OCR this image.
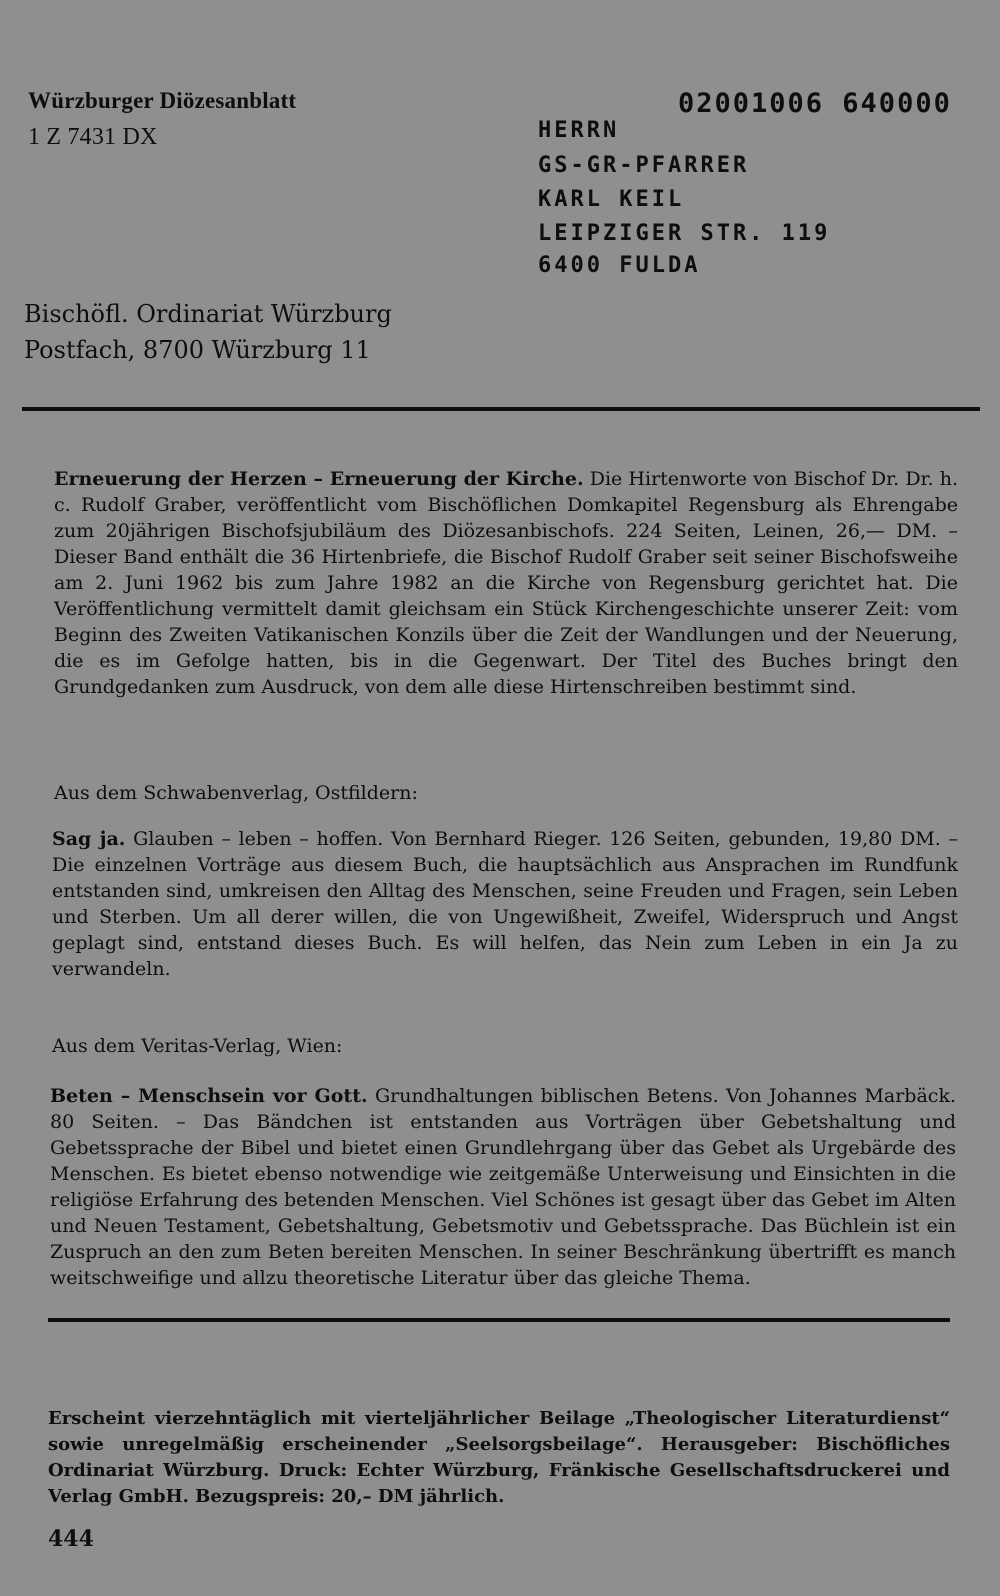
Würzburger Diözesanblatt

1 Z 7431 DX

02001006 640000

HERRN

GS-GR-PFARRER

KARL KEIL

LEIPZIGER STR. 119

6400 FULDA

Bischöfl. Ordinariat Würzburg

Postfach, 8700 Würzburg 11

Erneuerung der Herzen – Erneuerung der Kirche. Die Hirtenworte von Bischof Dr. Dr. h. c. Rudolf Graber, veröffentlicht vom Bischöflichen Domkapitel Regensburg als Ehrengabe zum 20jährigen Bischofsjubiläum des Diözesanbischofs. 224 Seiten, Leinen, 26,— DM. – Dieser Band enthält die 36 Hirtenbriefe, die Bischof Rudolf Graber seit seiner Bischofsweihe am 2. Juni 1962 bis zum Jahre 1982 an die Kirche von Regensburg gerichtet hat. Die Veröffentlichung vermittelt damit gleichsam ein Stück Kirchengeschichte unserer Zeit: vom Beginn des Zweiten Vatikanischen Konzils über die Zeit der Wandlungen und der Neuerung, die es im Gefolge hatten, bis in die Gegenwart. Der Titel des Buches bringt den Grundgedanken zum Ausdruck, von dem alle diese Hirtenschreiben bestimmt sind.

Aus dem Schwabenverlag, Ostfildern:

Sag ja. Glauben – leben – hoffen. Von Bernhard Rieger. 126 Seiten, gebunden, 19,80 DM. – Die einzelnen Vorträge aus diesem Buch, die hauptsächlich aus Ansprachen im Rundfunk entstanden sind, umkreisen den Alltag des Menschen, seine Freuden und Fragen, sein Leben und Sterben. Um all derer willen, die von Ungewißheit, Zweifel, Widerspruch und Angst geplagt sind, entstand dieses Buch. Es will helfen, das Nein zum Leben in ein Ja zu verwandeln.

Aus dem Veritas-Verlag, Wien:

Beten – Menschsein vor Gott. Grundhaltungen biblischen Betens. Von Johannes Marbäck. 80 Seiten. – Das Bändchen ist entstanden aus Vorträgen über Gebetshaltung und Gebetssprache der Bibel und bietet einen Grundlehrgang über das Gebet als Urgebärde des Menschen. Es bietet ebenso notwendige wie zeitgemäße Unterweisung und Einsichten in die religiöse Erfahrung des betenden Menschen. Viel Schönes ist gesagt über das Gebet im Alten und Neuen Testament, Gebetshaltung, Gebetsmotiv und Gebetssprache. Das Büchlein ist ein Zuspruch an den zum Beten bereiten Menschen. In seiner Beschränkung übertrifft es manch weitschweifige und allzu theoretische Literatur über das gleiche Thema.

Erscheint vierzehntäglich mit vierteljährlicher Beilage „Theologischer Literaturdienst“ sowie unregelmäßig erscheinender „Seelsorgsbeilage“. Herausgeber: Bischöfliches Ordinariat Würzburg. Druck: Echter Würzburg, Fränkische Gesellschaftsdruckerei und Verlag GmbH. Bezugspreis: 20,– DM jährlich.

444
